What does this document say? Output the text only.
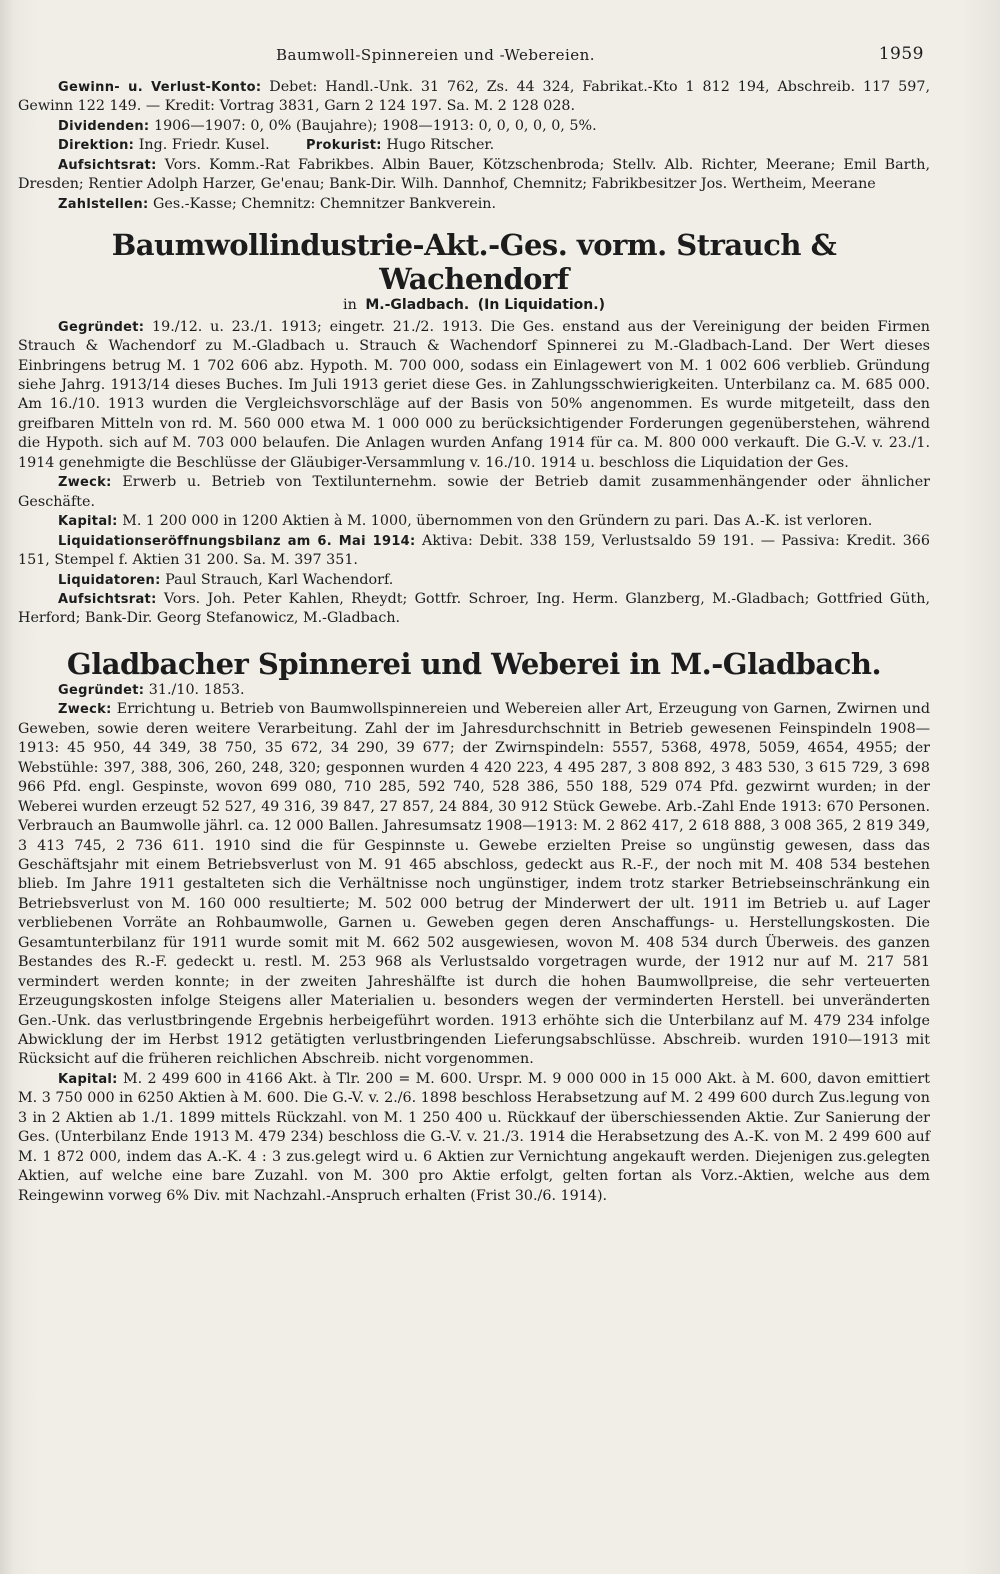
Baumwoll-Spinnereien und -Webereien.	1959

Gewinn- u. Verlust-Konto: Debet: Handl.-Unk. 31 762, Zs. 44 324, Fabrikat.-Kto 1 812 194, Abschreib. 117 597, Gewinn 122 149. — Kredit: Vortrag 3831, Garn 2 124 197. Sa. M. 2 128 028.

Dividenden: 1906—1907: 0, 0% (Baujahre); 1908—1913: 0, 0, 0, 0, 0, 5%.

Direktion: Ing. Friedr. Kusel.	Prokurist: Hugo Ritscher.

Aufsichtsrat: Vors. Komm.-Rat Fabrikbes. Albin Bauer, Kötzschenbroda; Stellv. Alb. Richter, Meerane; Emil Barth, Dresden; Rentier Adolph Harzer, Ge'enau; Bank-Dir. Wilh. Dannhof, Chemnitz; Fabrikbesitzer Jos. Wertheim, Meerane

Zahlstellen: Ges.-Kasse; Chemnitz: Chemnitzer Bankverein.

Baumwollindustrie-Akt.-Ges. vorm. Strauch & Wachendorf
in M.-Gladbach. (In Liquidation.)

Gegründet: 19./12. u. 23./1. 1913; eingetr. 21./2. 1913. Die Ges. enstand aus der Vereinigung der beiden Firmen Strauch & Wachendorf zu M.-Gladbach u. Strauch & Wachendorf Spinnerei zu M.-Gladbach-Land. Der Wert dieses Einbringens betrug M. 1 702 606 abz. Hypoth. M. 700 000, sodass ein Einlagewert von M. 1 002 606 verblieb. Gründung siehe Jahrg. 1913/14 dieses Buches. Im Juli 1913 geriet diese Ges. in Zahlungsschwierigkeiten. Unterbilanz ca. M. 685 000. Am 16./10. 1913 wurden die Vergleichsvorschläge auf der Basis von 50% angenommen. Es wurde mitgeteilt, dass den greifbaren Mitteln von rd. M. 560 000 etwa M. 1 000 000 zu berücksichtigender Forderungen gegenüberstehen, während die Hypoth. sich auf M. 703 000 belaufen. Die Anlagen wurden Anfang 1914 für ca. M. 800 000 verkauft. Die G.-V. v. 23./1. 1914 genehmigte die Beschlüsse der Gläubiger-Versammlung v. 16./10. 1914 u. beschloss die Liquidation der Ges.

Zweck: Erwerb u. Betrieb von Textilunternehm. sowie der Betrieb damit zusammenhängender oder ähnlicher Geschäfte.

Kapital: M. 1 200 000 in 1200 Aktien à M. 1000, übernommen von den Gründern zu pari. Das A.-K. ist verloren.

Liquidationseröffnungsbilanz am 6. Mai 1914: Aktiva: Debit. 338 159, Verlustsaldo 59 191. — Passiva: Kredit. 366 151, Stempel f. Aktien 31 200. Sa. M. 397 351.

Liquidatoren: Paul Strauch, Karl Wachendorf.

Aufsichtsrat: Vors. Joh. Peter Kahlen, Rheydt; Gottfr. Schroer, Ing. Herm. Glanzberg, M.-Gladbach; Gottfried Güth, Herford; Bank-Dir. Georg Stefanowicz, M.-Gladbach.

Gladbacher Spinnerei und Weberei in M.-Gladbach.

Gegründet: 31./10. 1853.

Zweck: Errichtung u. Betrieb von Baumwollspinnereien und Webereien aller Art, Erzeugung von Garnen, Zwirnen und Geweben, sowie deren weitere Verarbeitung. Zahl der im Jahresdurchschnitt in Betrieb gewesenen Feinspindeln 1908—1913: 45 950, 44 349, 38 750, 35 672, 34 290, 39 677; der Zwirnspindeln: 5557, 5368, 4978, 5059, 4654, 4955; der Webstühle: 397, 388, 306, 260, 248, 320; gesponnen wurden 4 420 223, 4 495 287, 3 808 892, 3 483 530, 3 615 729, 3 698 966 Pfd. engl. Gespinste, wovon 699 080, 710 285, 592 740, 528 386, 550 188, 529 074 Pfd. gezwirnt wurden; in der Weberei wurden erzeugt 52 527, 49 316, 39 847, 27 857, 24 884, 30 912 Stück Gewebe. Arb.-Zahl Ende 1913: 670 Personen. Verbrauch an Baumwolle jährl. ca. 12 000 Ballen. Jahresumsatz 1908—1913: M. 2 862 417, 2 618 888, 3 008 365, 2 819 349, 3 413 745, 2 736 611. 1910 sind die für Gespinnste u. Gewebe erzielten Preise so ungünstig gewesen, dass das Geschäftsjahr mit einem Betriebsverlust von M. 91 465 abschloss, gedeckt aus R.-F., der noch mit M. 408 534 bestehen blieb. Im Jahre 1911 gestalteten sich die Verhältnisse noch ungünstiger, indem trotz starker Betriebseinschränkung ein Betriebsverlust von M. 160 000 resultierte; M. 502 000 betrug der Minderwert der ult. 1911 im Betrieb u. auf Lager verbliebenen Vorräte an Rohbaumwolle, Garnen u. Geweben gegen deren Anschaffungs- u. Herstellungskosten. Die Gesamtunterbilanz für 1911 wurde somit mit M. 662 502 ausgewiesen, wovon M. 408 534 durch Überweis. des ganzen Bestandes des R.-F. gedeckt u. restl. M. 253 968 als Verlustsaldo vorgetragen wurde, der 1912 nur auf M. 217 581 vermindert werden konnte; in der zweiten Jahreshälfte ist durch die hohen Baumwollpreise, die sehr verteuerten Erzeugungskosten infolge Steigens aller Materialien u. besonders wegen der verminderten Herstell. bei unveränderten Gen.-Unk. das verlustbringende Ergebnis herbeigeführt worden. 1913 erhöhte sich die Unterbilanz auf M. 479 234 infolge Abwicklung der im Herbst 1912 getätigten verlustbringenden Lieferungsabschlüsse. Abschreib. wurden 1910—1913 mit Rücksicht auf die früheren reichlichen Abschreib. nicht vorgenommen.

Kapital: M. 2 499 600 in 4166 Akt. à Tlr. 200 = M. 600. Urspr. M. 9 000 000 in 15 000 Akt. à M. 600, davon emittiert M. 3 750 000 in 6250 Aktien à M. 600. Die G.-V. v. 2./6. 1898 beschloss Herabsetzung auf M. 2 499 600 durch Zus.legung von 3 in 2 Aktien ab 1./1. 1899 mittels Rückzahl. von M. 1 250 400 u. Rückkauf der überschiessenden Aktie. Zur Sanierung der Ges. (Unterbilanz Ende 1913 M. 479 234) beschloss die G.-V. v. 21./3. 1914 die Herabsetzung des A.-K. von M. 2 499 600 auf M. 1 872 000, indem das A.-K. 4 : 3 zus.gelegt wird u. 6 Aktien zur Vernichtung angekauft werden. Diejenigen zus.gelegten Aktien, auf welche eine bare Zuzahl. von M. 300 pro Aktie erfolgt, gelten fortan als Vorz.-Aktien, welche aus dem Reingewinn vorweg 6% Div. mit Nachzahl.-Anspruch erhalten (Frist 30./6. 1914).
